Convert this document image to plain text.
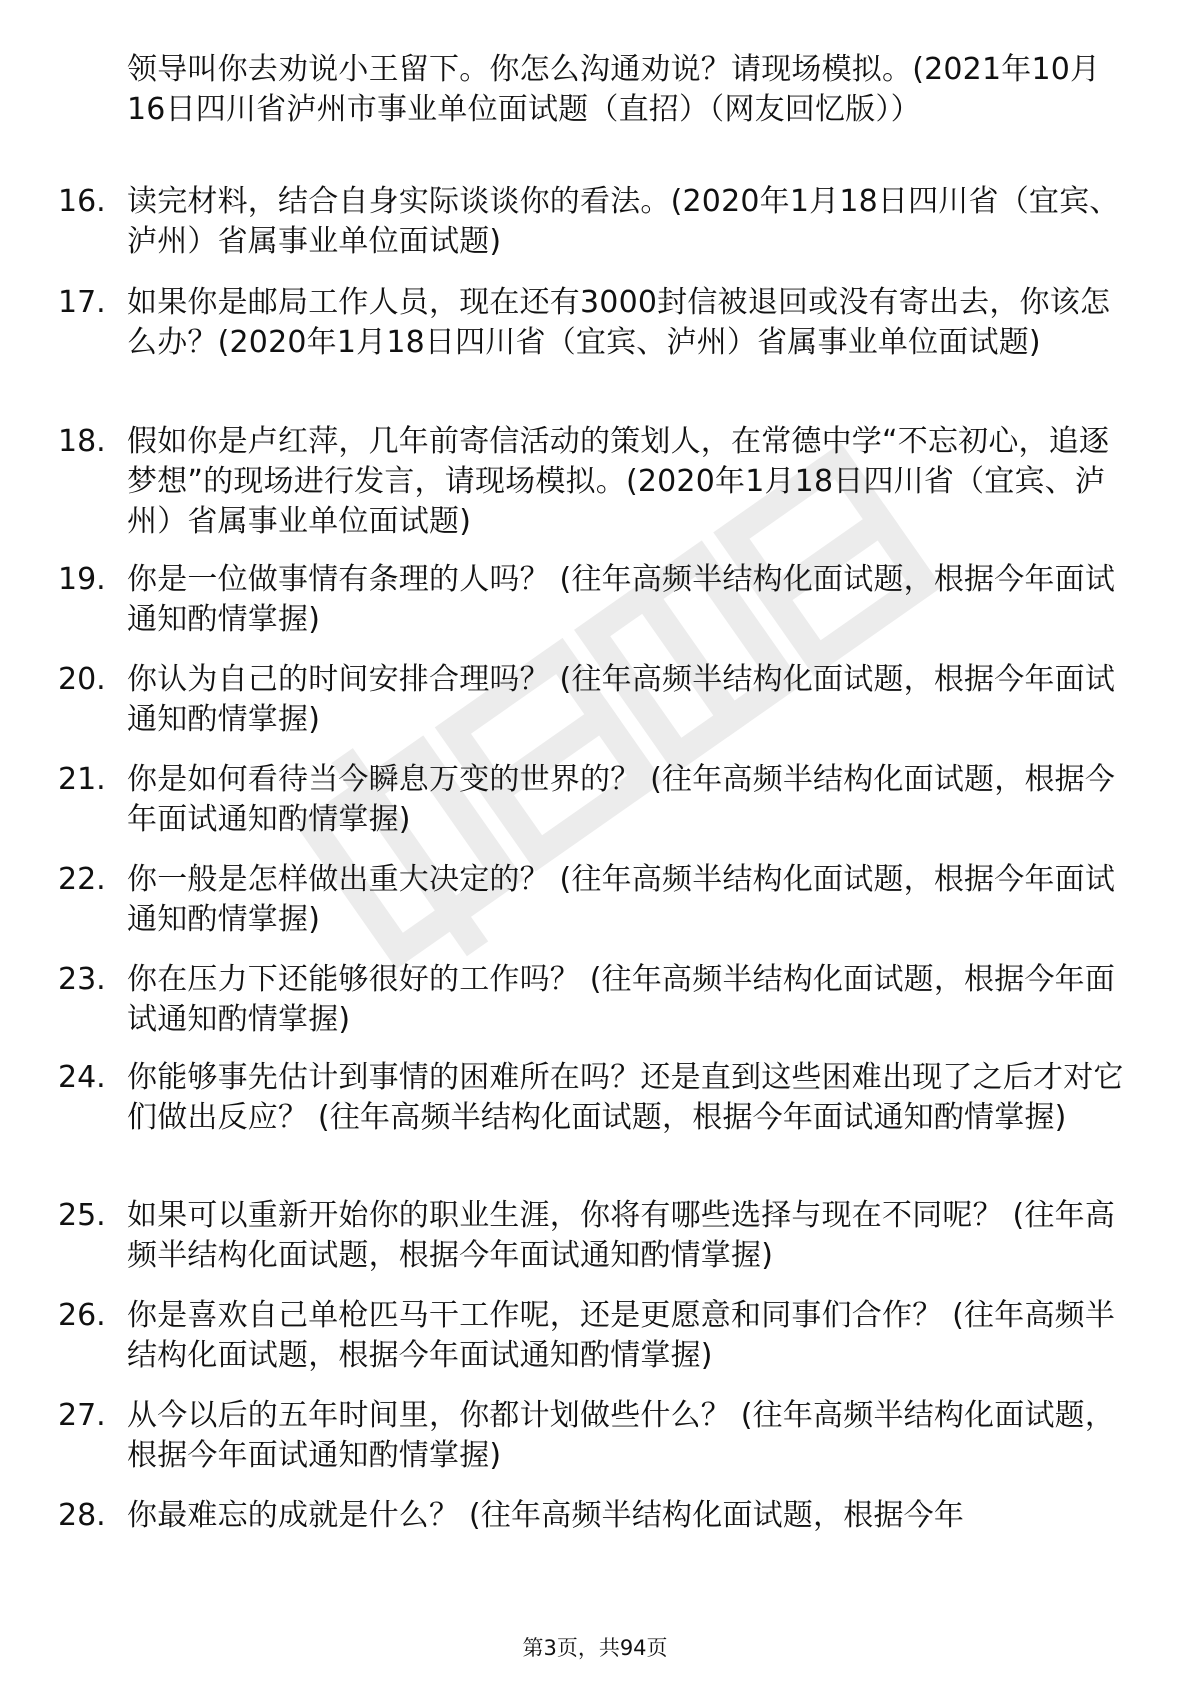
领导叫你去劝说小王留下。你怎么沟通劝说？请现场模拟。(2021年10月16日四川省泸州市事业单位面试题（直招）（网友回忆版））
16. 读完材料，结合自身实际谈谈你的看法。(2020年1月18日四川省（宜宾、泸州）省属事业单位面试题)
17. 如果你是邮局工作人员，现在还有3000封信被退回或没有寄出去，你该怎么办？(2020年1月18日四川省（宜宾、泸州）省属事业单位面试题)
18. 假如你是卢红萍，几年前寄信活动的策划人，在常德中学“不忘初心，追逐梦想”的现场进行发言，请现场模拟。(2020年1月18日四川省（宜宾、泸州）省属事业单位面试题)
19. 你是一位做事情有条理的人吗？ (往年高频半结构化面试题，根据今年面试通知酌情掌握)
20. 你认为自己的时间安排合理吗？ (往年高频半结构化面试题，根据今年面试通知酌情掌握)
21. 你是如何看待当今瞬息万变的世界的？ (往年高频半结构化面试题，根据今年面试通知酌情掌握)
22. 你一般是怎样做出重大决定的？ (往年高频半结构化面试题，根据今年面试通知酌情掌握)
23. 你在压力下还能够很好的工作吗？ (往年高频半结构化面试题，根据今年面试通知酌情掌握)
24. 你能够事先估计到事情的困难所在吗？还是直到这些困难出现了之后才对它们做出反应？ (往年高频半结构化面试题，根据今年面试通知酌情掌握)
25. 如果可以重新开始你的职业生涯，你将有哪些选择与现在不同呢？ (往年高频半结构化面试题，根据今年面试通知酌情掌握)
26. 你是喜欢自己单枪匹马干工作呢，还是更愿意和同事们合作？ (往年高频半结构化面试题，根据今年面试通知酌情掌握)
27. 从今以后的五年时间里，你都计划做些什么？ (往年高频半结构化面试题，根据今年面试通知酌情掌握)
28. 你最难忘的成就是什么？ (往年高频半结构化面试题，根据今年
第3页，共94页
